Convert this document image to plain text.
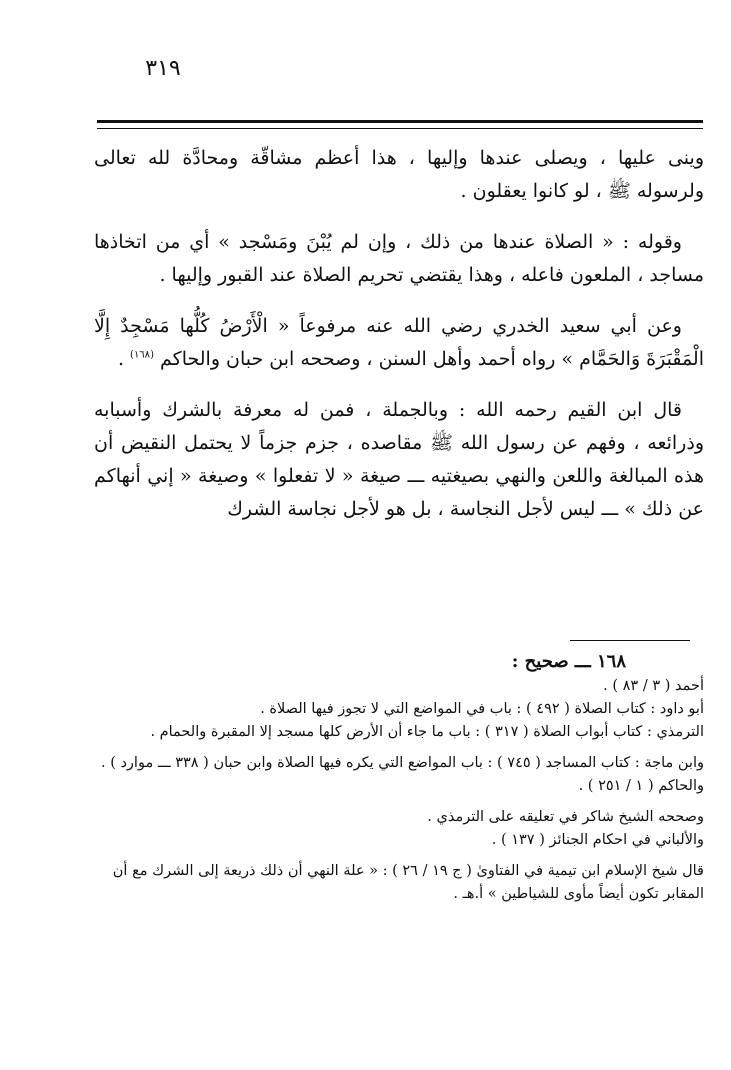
٣١٩

وينى عليها ، ويصلى عندها وإليها ، هذا أعظم مشاقّة ومحادَّة لله تعالى ولرسوله ﷺ ، لو كانوا يعقلون .

وقوله : « الصلاة عندها من ذلك ، وإن لم يُبْنَ ومَسْجد » أي من اتخاذها مساجد ، الملعون فاعله ، وهذا يقتضي تحريم الصلاة عند القبور وإليها .

وعن أبي سعيد الخدري رضي الله عنه مرفوعاً « الْأَرْضُ كُلُّها مَسْجِدٌ إِلَّا الْمَقْبَرَةَ وَالحَمَّام » رواه أحمد وأهل السنن ، وصححه ابن حبان والحاكم $^{(١٦٨)}$ .

قال ابن القيم رحمه الله : وبالجملة ، فمن له معرفة بالشرك وأسبابه وذرائعه ، وفهم عن رسول الله ﷺ مقاصده ، جزم جزماً لا يحتمل النقيض أن هذه المبالغة واللعن والنهي بصيغتيه ـــ صيغة « لا تفعلوا » وصيغة « إني أنهاكم عن ذلك » ـــ ليس لأجل النجاسة ، بل هو لأجل نجاسة الشرك

١٦٨ ـــ صحيح :

أحمد ( ٣ / ٨٣ ) .

أبو داود : كتاب الصلاة ( ٤٩٢ ) : باب في المواضع التي لا تجوز فيها الصلاة .

الترمذي : كتاب أبواب الصلاة ( ٣١٧ ) : باب ما جاء أن الأرض كلها مسجد إلا المقبرة والحمام .

وابن ماجة : كتاب المساجد ( ٧٤٥ ) : باب المواضع التي يكره فيها الصلاة وابن حبان ( ٣٣٨ ـــ موارد ) .

والحاكم ( ١ / ٢٥١ ) .

وصححه الشيخ شاكر في تعليقه على الترمذي .

والألباني في احكام الجنائز ( ١٣٧ ) .

قال شيخ الإسلام ابن تيمية في الفتاوىٰ ( ج ١٩ / ٢٦ ) : « علة النهي أن ذلك ذريعة إلى الشرك مع أن المقابر تكون أيضاً مأوى للشياطين » أ.هـ .
